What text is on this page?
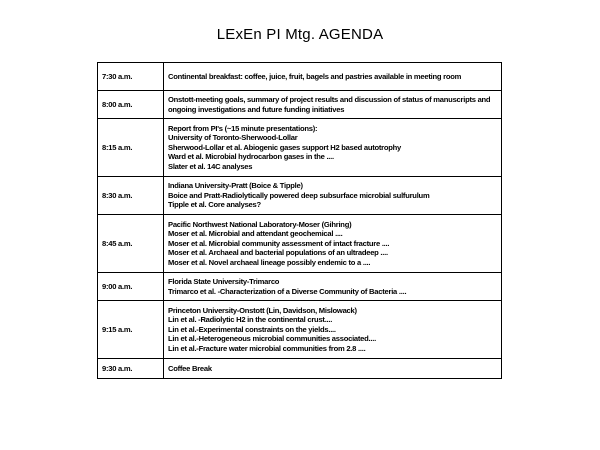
LExEn PI Mtg. AGENDA
7:30 a.m.	Continental breakfast: coffee, juice, fruit, bagels and pastries available in meeting room

8:00 a.m.	Onstott-meeting goals, summary of project results and discussion of status of manuscripts and ongoing investigations and future funding initiatives

8:15 a.m.	Report from PI's (~15 minute presentations):
University of Toronto-Sherwood-Lollar
Sherwood-Lollar et al. Abiogenic gases support H2 based autotrophy
Ward et al. Microbial hydrocarbon gases in the ....
Slater et al. 14C analyses

8:30 a.m.	Indiana University-Pratt (Boice & Tipple)
Boice and Pratt-Radiolytically powered deep subsurface microbial sulfurulum
Tipple et al. Core analyses?

8:45 a.m.	Pacific Northwest National Laboratory-Moser (Gihring)
Moser et al. Microbial and attendant geochemical ....
Moser et al. Microbial community assessment of intact fracture ....
Moser et al. Archaeal and bacterial populations of an ultradeep ....
Moser et al. Novel archaeal lineage possibly endemic to a ....

9:00 a.m.	Florida State University-Trimarco
Trimarco et al. -Characterization of a Diverse Community of Bacteria ....

9:15 a.m.	Princeton University-Onstott (Lin, Davidson, Mislowack)
Lin et al. -Radiolytic H2 in the continental crust....
Lin et al.-Experimental constraints on the yields....
Lin et al.-Heterogeneous microbial communities associated....
Lin et al.-Fracture water microbial communities from 2.8 ....

9:30 a.m.	Coffee Break
